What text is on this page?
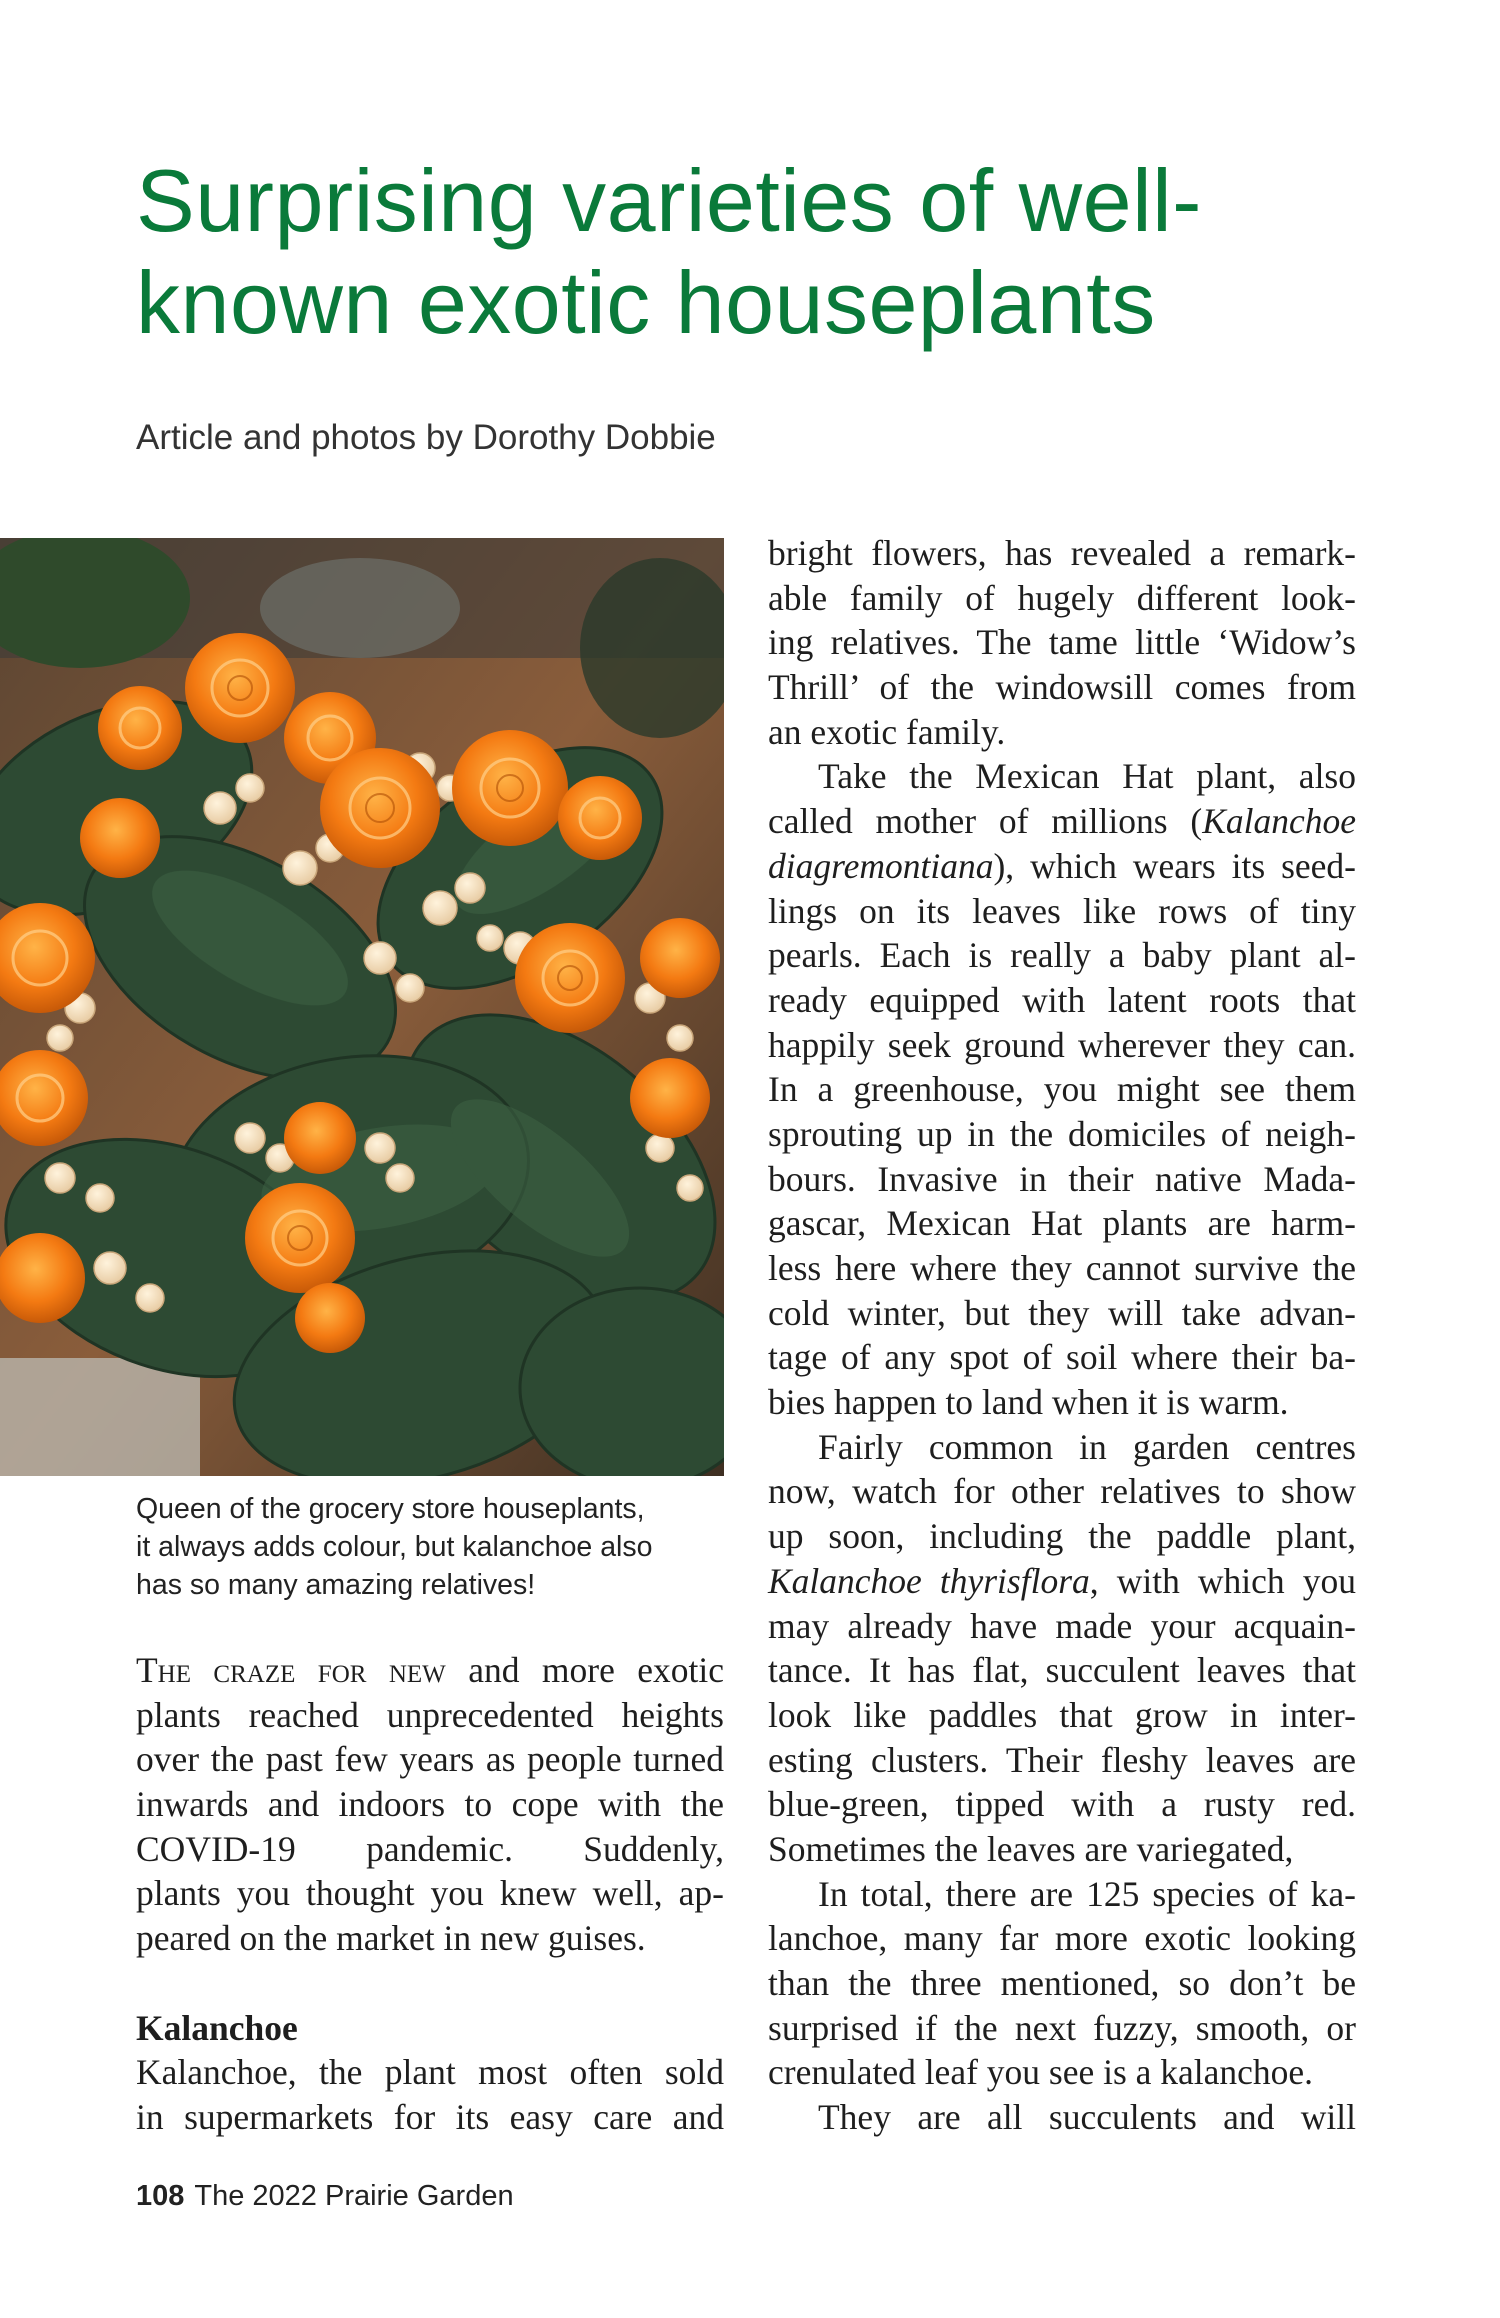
Surprising varieties of well-
known exotic houseplants
Article and photos by Dorothy Dobbie
Queen of the grocery store houseplants,
it always adds colour, but kalanchoe also
has so many amazing relatives!
The craze for new and more exotic
plants reached unprecedented heights
over the past few years as people turned
inwards and indoors to cope with the
COVID-19 pandemic. Suddenly,
plants you thought you knew well, ap-
peared on the market in new guises.
Kalanchoe
Kalanchoe, the plant most often sold
in supermarkets for its easy care and
bright flowers, has revealed a remark-
able family of hugely different look-
ing relatives. The tame little ‘Widow’s
Thrill’ of the windowsill comes from
an exotic family.
Take the Mexican Hat plant, also
called mother of millions (Kalanchoe
diagremontiana), which wears its seed-
lings on its leaves like rows of tiny
pearls. Each is really a baby plant al-
ready equipped with latent roots that
happily seek ground wherever they can.
In a greenhouse, you might see them
sprouting up in the domiciles of neigh-
bours. Invasive in their native Mada-
gascar, Mexican Hat plants are harm-
less here where they cannot survive the
cold winter, but they will take advan-
tage of any spot of soil where their ba-
bies happen to land when it is warm.
Fairly common in garden centres
now, watch for other relatives to show
up soon, including the paddle plant,
Kalanchoe thyrisflora, with which you
may already have made your acquain-
tance. It has flat, succulent leaves that
look like paddles that grow in inter-
esting clusters. Their fleshy leaves are
blue-green, tipped with a rusty red.
Sometimes the leaves are variegated,
In total, there are 125 species of ka-
lanchoe, many far more exotic looking
than the three mentioned, so don’t be
surprised if the next fuzzy, smooth, or
crenulated leaf you see is a kalanchoe.
They are all succulents and will
108 The 2022 Prairie Garden
